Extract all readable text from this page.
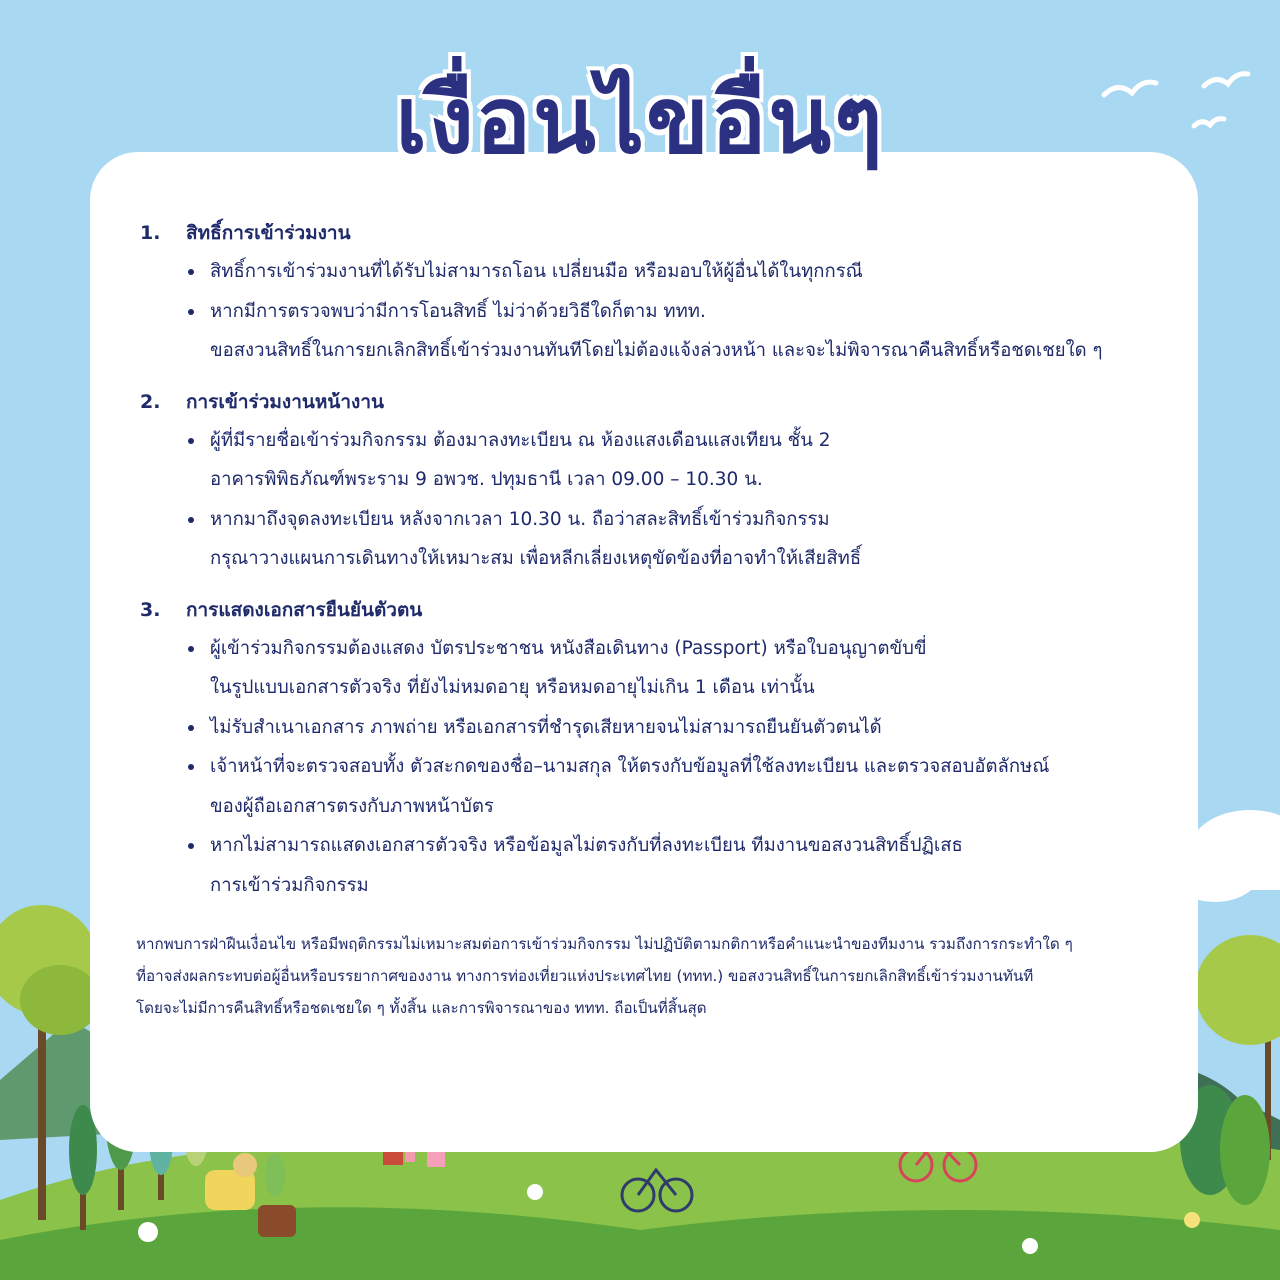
เงื่อนไขอื่นๆ
1.	สิทธิ์การเข้าร่วมงาน
สิทธิ์การเข้าร่วมงานที่ได้รับไม่สามารถโอน เปลี่ยนมือ หรือมอบให้ผู้อื่นได้ในทุกกรณี
หากมีการตรวจพบว่ามีการโอนสิทธิ์ ไม่ว่าด้วยวิธีใดก็ตาม ททท.
ขอสงวนสิทธิ์ในการยกเลิกสิทธิ์เข้าร่วมงานทันทีโดยไม่ต้องแจ้งล่วงหน้า และจะไม่พิจารณาคืนสิทธิ์หรือชดเชยใด ๆ
2.	การเข้าร่วมงานหน้างาน
ผู้ที่มีรายชื่อเข้าร่วมกิจกรรม ต้องมาลงทะเบียน ณ ห้องแสงเดือนแสงเทียน ชั้น 2
อาคารพิพิธภัณฑ์พระราม 9 อพวช. ปทุมธานี เวลา 09.00 – 10.30 น.
หากมาถึงจุดลงทะเบียน หลังจากเวลา 10.30 น. ถือว่าสละสิทธิ์เข้าร่วมกิจกรรม
กรุณาวางแผนการเดินทางให้เหมาะสม เพื่อหลีกเลี่ยงเหตุขัดข้องที่อาจทำให้เสียสิทธิ์
3.	การแสดงเอกสารยืนยันตัวตน
ผู้เข้าร่วมกิจกรรมต้องแสดง บัตรประชาชน หนังสือเดินทาง (Passport) หรือใบอนุญาตขับขี่
ในรูปแบบเอกสารตัวจริง ที่ยังไม่หมดอายุ หรือหมดอายุไม่เกิน 1 เดือน เท่านั้น
ไม่รับสำเนาเอกสาร ภาพถ่าย หรือเอกสารที่ชำรุดเสียหายจนไม่สามารถยืนยันตัวตนได้
เจ้าหน้าที่จะตรวจสอบทั้ง ตัวสะกดของชื่อ–นามสกุล ให้ตรงกับข้อมูลที่ใช้ลงทะเบียน และตรวจสอบอัตลักษณ์
ของผู้ถือเอกสารตรงกับภาพหน้าบัตร
หากไม่สามารถแสดงเอกสารตัวจริง หรือข้อมูลไม่ตรงกับที่ลงทะเบียน ทีมงานขอสงวนสิทธิ์ปฏิเสธ
การเข้าร่วมกิจกรรม
หากพบการฝ่าฝืนเงื่อนไข หรือมีพฤติกรรมไม่เหมาะสมต่อการเข้าร่วมกิจกรรม ไม่ปฏิบัติตามกติกาหรือคำแนะนำของทีมงาน รวมถึงการกระทำใด ๆ
ที่อาจส่งผลกระทบต่อผู้อื่นหรือบรรยากาศของงาน ทางการท่องเที่ยวแห่งประเทศไทย (ททท.) ขอสงวนสิทธิ์ในการยกเลิกสิทธิ์เข้าร่วมงานทันที
โดยจะไม่มีการคืนสิทธิ์หรือชดเชยใด ๆ ทั้งสิ้น และการพิจารณาของ ททท. ถือเป็นที่สิ้นสุด
